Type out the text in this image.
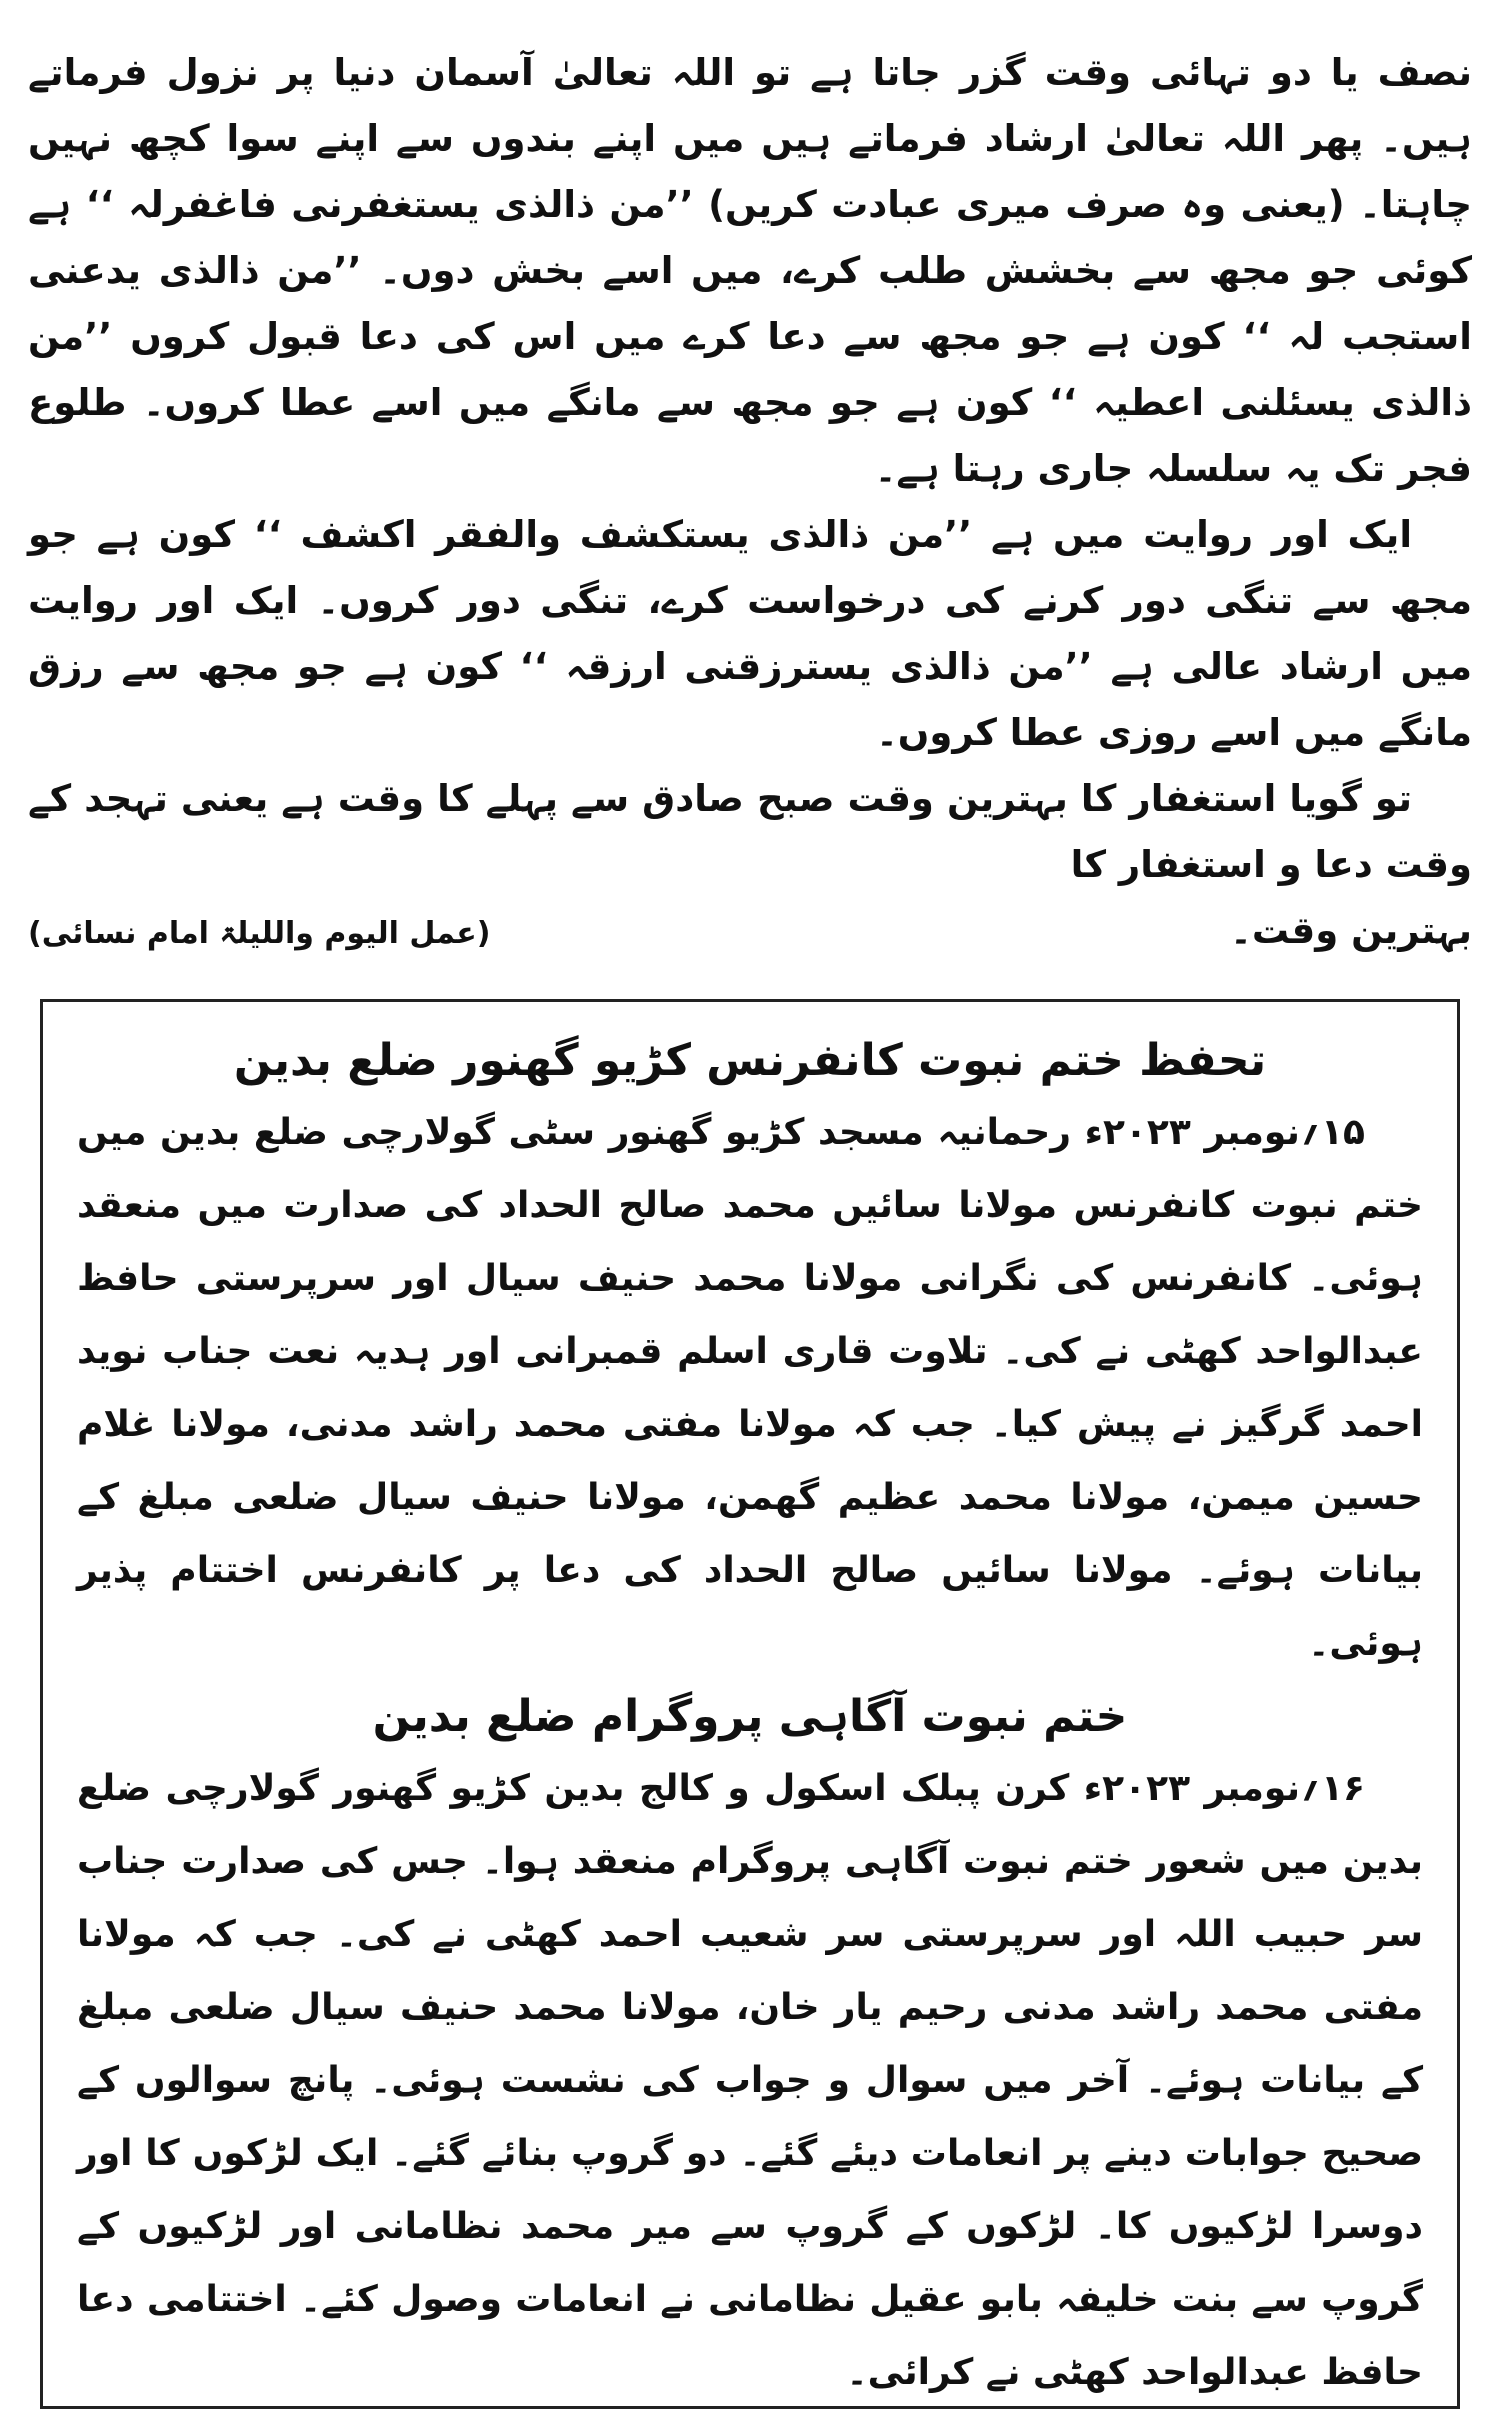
نصف یا دو تہائی وقت گزر جاتا ہے تو اللہ تعالیٰ آسمان دنیا پر نزول فرماتے ہیں۔ پھر اللہ تعالیٰ ارشاد فرماتے ہیں میں اپنے بندوں سے اپنے سوا کچھ نہیں چاہتا۔ (یعنی وہ صرف میری عبادت کریں) ’’من ذالذی یستغفرنی فاغفرلہ ‘‘ ہے کوئی جو مجھ سے بخشش طلب کرے، میں اسے بخش دوں۔ ’’من ذالذی یدعنی استجب لہ ‘‘ کون ہے جو مجھ سے دعا کرے میں اس کی دعا قبول کروں ’’من ذالذی یسئلنی اعطیہ ‘‘ کون ہے جو مجھ سے مانگے میں اسے عطا کروں۔ طلوع فجر تک یہ سلسلہ جاری رہتا ہے۔

ایک اور روایت میں ہے ’’من ذالذی یستکشف والفقر اکشف ‘‘ کون ہے جو مجھ سے تنگی دور کرنے کی درخواست کرے، تنگی دور کروں۔ ایک اور روایت میں ارشاد عالی ہے ’’من ذالذی یسترزقنی ارزقہ ‘‘ کون ہے جو مجھ سے رزق مانگے میں اسے روزی عطا کروں۔

تو گویا استغفار کا بہترین وقت صبح صادق سے پہلے کا وقت ہے یعنی تہجد کے وقت دعا و استغفار کا

بہترین وقت۔
(عمل الیوم واللیلۃ امام نسائی)
تحفظ ختم نبوت کانفرنس کڑیو گھنور ضلع بدین

۱۵؍نومبر ۲۰۲۳ء رحمانیہ مسجد کڑیو گھنور سٹی گولارچی ضلع بدین میں ختم نبوت کانفرنس مولانا سائیں محمد صالح الحداد کی صدارت میں منعقد ہوئی۔ کانفرنس کی نگرانی مولانا محمد حنیف سیال اور سرپرستی حافظ عبدالواحد کھٹی نے کی۔ تلاوت قاری اسلم قمبرانی اور ہدیہ نعت جناب نوید احمد گرگیز نے پیش کیا۔ جب کہ مولانا مفتی محمد راشد مدنی، مولانا غلام حسین میمن، مولانا محمد عظیم گھمن، مولانا حنیف سیال ضلعی مبلغ کے بیانات ہوئے۔ مولانا سائیں صالح الحداد کی دعا پر کانفرنس اختتام پذیر ہوئی۔

ختم نبوت آگاہی پروگرام ضلع بدین

۱۶؍نومبر ۲۰۲۳ء کرن پبلک اسکول و کالج بدین کڑیو گھنور گولارچی ضلع بدین میں شعور ختم نبوت آگاہی پروگرام منعقد ہوا۔ جس کی صدارت جناب سر حبیب اللہ اور سرپرستی سر شعیب احمد کھٹی نے کی۔ جب کہ مولانا مفتی محمد راشد مدنی رحیم یار خان، مولانا محمد حنیف سیال ضلعی مبلغ کے بیانات ہوئے۔ آخر میں سوال و جواب کی نشست ہوئی۔ پانچ سوالوں کے صحیح جوابات دینے پر انعامات دیئے گئے۔ دو گروپ بنائے گئے۔ ایک لڑکوں کا اور دوسرا لڑکیوں کا۔ لڑکوں کے گروپ سے میر محمد نظامانی اور لڑکیوں کے گروپ سے بنت خلیفہ بابو عقیل نظامانی نے انعامات وصول کئے۔ اختتامی دعا حافظ عبدالواحد کھٹی نے کرائی۔
